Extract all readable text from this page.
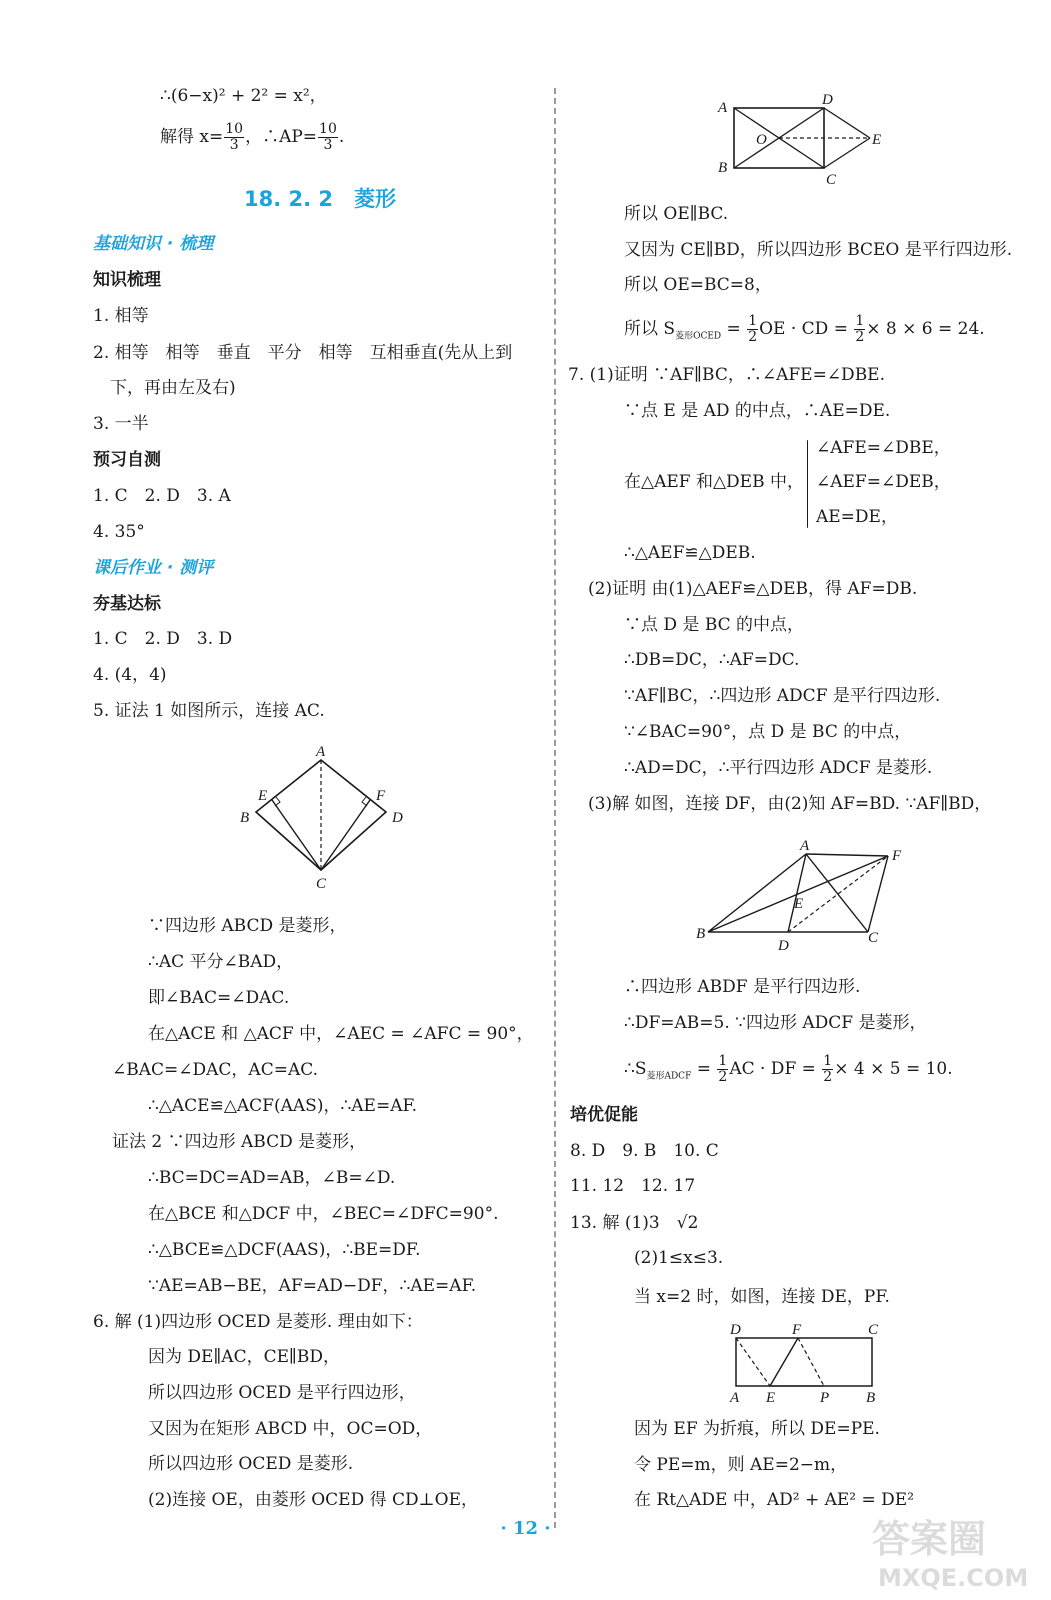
∴(6−x)² + 2² = x²，
解得 $x= \frac{10}{3}$ ，∴AP= $\frac{10}{3}$ .
18. 2. 2　菱形
基础知识 · 梳理
知识梳理
1. 相等
2. 相等　相等　垂直　平分　相等　互相垂直(先从上到
下，再由左及右)
3. 一半
预习自测
1. C　2. D　3. A
4. 35°
课后作业 · 测评
夯基达标
1. C　2. D　3. D
4. (4，4)
5. 证法 1 如图所示，连接 AC.
A
B
C
D
E	F
∵四边形 ABCD 是菱形，
∴AC 平分∠BAD，
即∠BAC=∠DAC.
在△ACE 和 △ACF 中，∠AEC = ∠AFC = 90°，
∠BAC=∠DAC，AC=AC.
∴△ACE≌△ACF(AAS)，∴AE=AF.
证法 2 ∵四边形 ABCD 是菱形，
∴BC=DC=AD=AB，∠B=∠D.
在△BCE 和△DCF 中，∠BEC=∠DFC=90°.
∴△BCE≌△DCF(AAS)，∴BE=DF.
∵AE=AB−BE，AF=AD−DF，∴AE=AF.
6. 解 (1)四边形 OCED 是菱形. 理由如下：
因为 DE∥AC，CE∥BD，
所以四边形 OCED 是平行四边形，
又因为在矩形 ABCD 中，OC=OD，
所以四边形 OCED 是菱形.
(2)连接 OE，由菱形 OCED 得 CD⊥OE，
A	D
B
C
O	E
所以 OE∥BC.
又因为 CE∥BD，所以四边形 BCEO 是平行四边形.
所以 OE=BC=8，
所以 $S_{菱形OCED} = \frac{1}{2}$ OE · CD = $\frac{1}{2} \times 8 \times 6 = 24$.
7. (1)证明 ∵AF∥BC，∴∠AFE=∠DBE.
∵点 E 是 AD 的中点，∴AE=DE.
在△AEF 和△DEB 中，
∠AFE=∠DBE，
∠AEF=∠DEB，
AE=DE，
∴△AEF≌△DEB.
(2)证明 由(1)△AEF≌△DEB，得 AF=DB.
∵点 D 是 BC 的中点，
∴DB=DC，∴AF=DC.
∵AF∥BC，∴四边形 ADCF 是平行四边形.
∵∠BAC=90°，点 D 是 BC 的中点，
∴AD=DC，∴平行四边形 ADCF 是菱形.
(3)解 如图，连接 DF，由(2)知 AF=BD. ∵AF∥BD，
A
F
E
B
D	C
∴四边形 ABDF 是平行四边形.
∴DF=AB=5. ∵四边形 ADCF 是菱形，
$\therefore S_{菱形ADCF} = \frac{1}{2}$ AC · DF = $\frac{1}{2} \times 4 \times 5 = 10$.
培优促能
8. D　9. B　10. C
11. 12　12. 17
13. 解 (1)3　√2
(2)1≤x≤3.
当 x=2 时，如图，连接 DE，PF.
D	F	C
A E	P B
因为 EF 为折痕，所以 DE=PE.
令 PE=m，则 AE=2−m，
在 Rt△ADE 中，AD² + AE² = DE²
· 12 ·	答案圈
MXQE.COM
